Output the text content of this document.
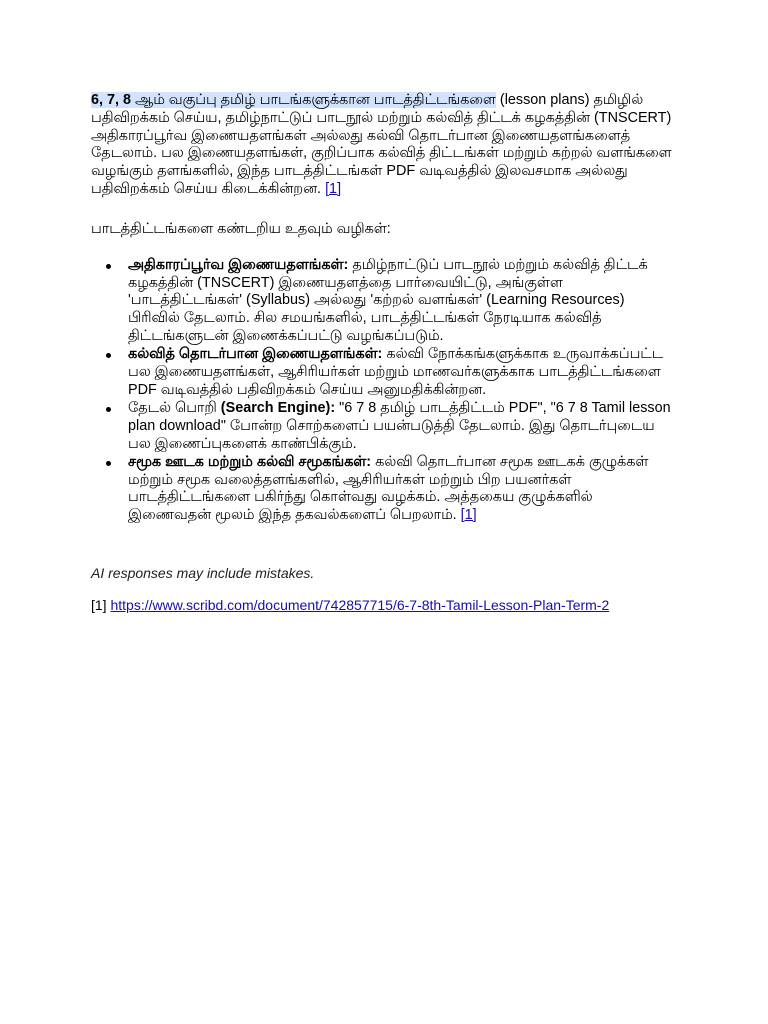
6, 7, 8 ஆம் வகுப்பு தமிழ் பாடங்களுக்கான பாடத்திட்டங்களை (lesson plans) தமிழில் பதிவிறக்கம் செய்ய, தமிழ்நாட்டுப் பாடநூல் மற்றும் கல்வித் திட்டக் கழகத்தின் (TNSCERT) அதிகாரப்பூர்வ இணையதளங்கள் அல்லது கல்வி தொடர்பான இணையதளங்களைத் தேடலாம். பல இணையதளங்கள், குறிப்பாக கல்வித் திட்டங்கள் மற்றும் கற்றல் வளங்களை வழங்கும் தளங்களில், இந்த பாடத்திட்டங்கள் PDF வடிவத்தில் இலவசமாக அல்லது பதிவிறக்கம் செய்ய கிடைக்கின்றன. [1]

பாடத்திட்டங்களை கண்டறிய உதவும் வழிகள்:

அதிகாரப்பூர்வ இணையதளங்கள்: தமிழ்நாட்டுப் பாடநூல் மற்றும் கல்வித் திட்டக் கழகத்தின் (TNSCERT) இணையதளத்தை பார்வையிட்டு, அங்குள்ள 'பாடத்திட்டங்கள்' (Syllabus) அல்லது 'கற்றல் வளங்கள்' (Learning Resources) பிரிவில் தேடலாம். சில சமயங்களில், பாடத்திட்டங்கள் நேரடியாக கல்வித் திட்டங்களுடன் இணைக்கப்பட்டு வழங்கப்படும்.
கல்வித் தொடர்பான இணையதளங்கள்: கல்வி நோக்கங்களுக்காக உருவாக்கப்பட்ட பல இணையதளங்கள், ஆசிரியர்கள் மற்றும் மாணவர்களுக்காக பாடத்திட்டங்களை PDF வடிவத்தில் பதிவிறக்கம் செய்ய அனுமதிக்கின்றன.
தேடல் பொறி (Search Engine): "6 7 8 தமிழ் பாடத்திட்டம் PDF", "6 7 8 Tamil lesson plan download" போன்ற சொற்களைப் பயன்படுத்தி தேடலாம். இது தொடர்புடைய பல இணைப்புகளைக் காண்பிக்கும்.
சமூக ஊடக மற்றும் கல்வி சமூகங்கள்: கல்வி தொடர்பான சமூக ஊடகக் குழுக்கள் மற்றும் சமூக வலைத்தளங்களில், ஆசிரியர்கள் மற்றும் பிற பயனர்கள் பாடத்திட்டங்களை பகிர்ந்து கொள்வது வழக்கம். அத்தகைய குழுக்களில் இணைவதன் மூலம் இந்த தகவல்களைப் பெறலாம். [1]

AI responses may include mistakes.

[1] https://www.scribd.com/document/742857715/6-7-8th-Tamil-Lesson-Plan-Term-2
